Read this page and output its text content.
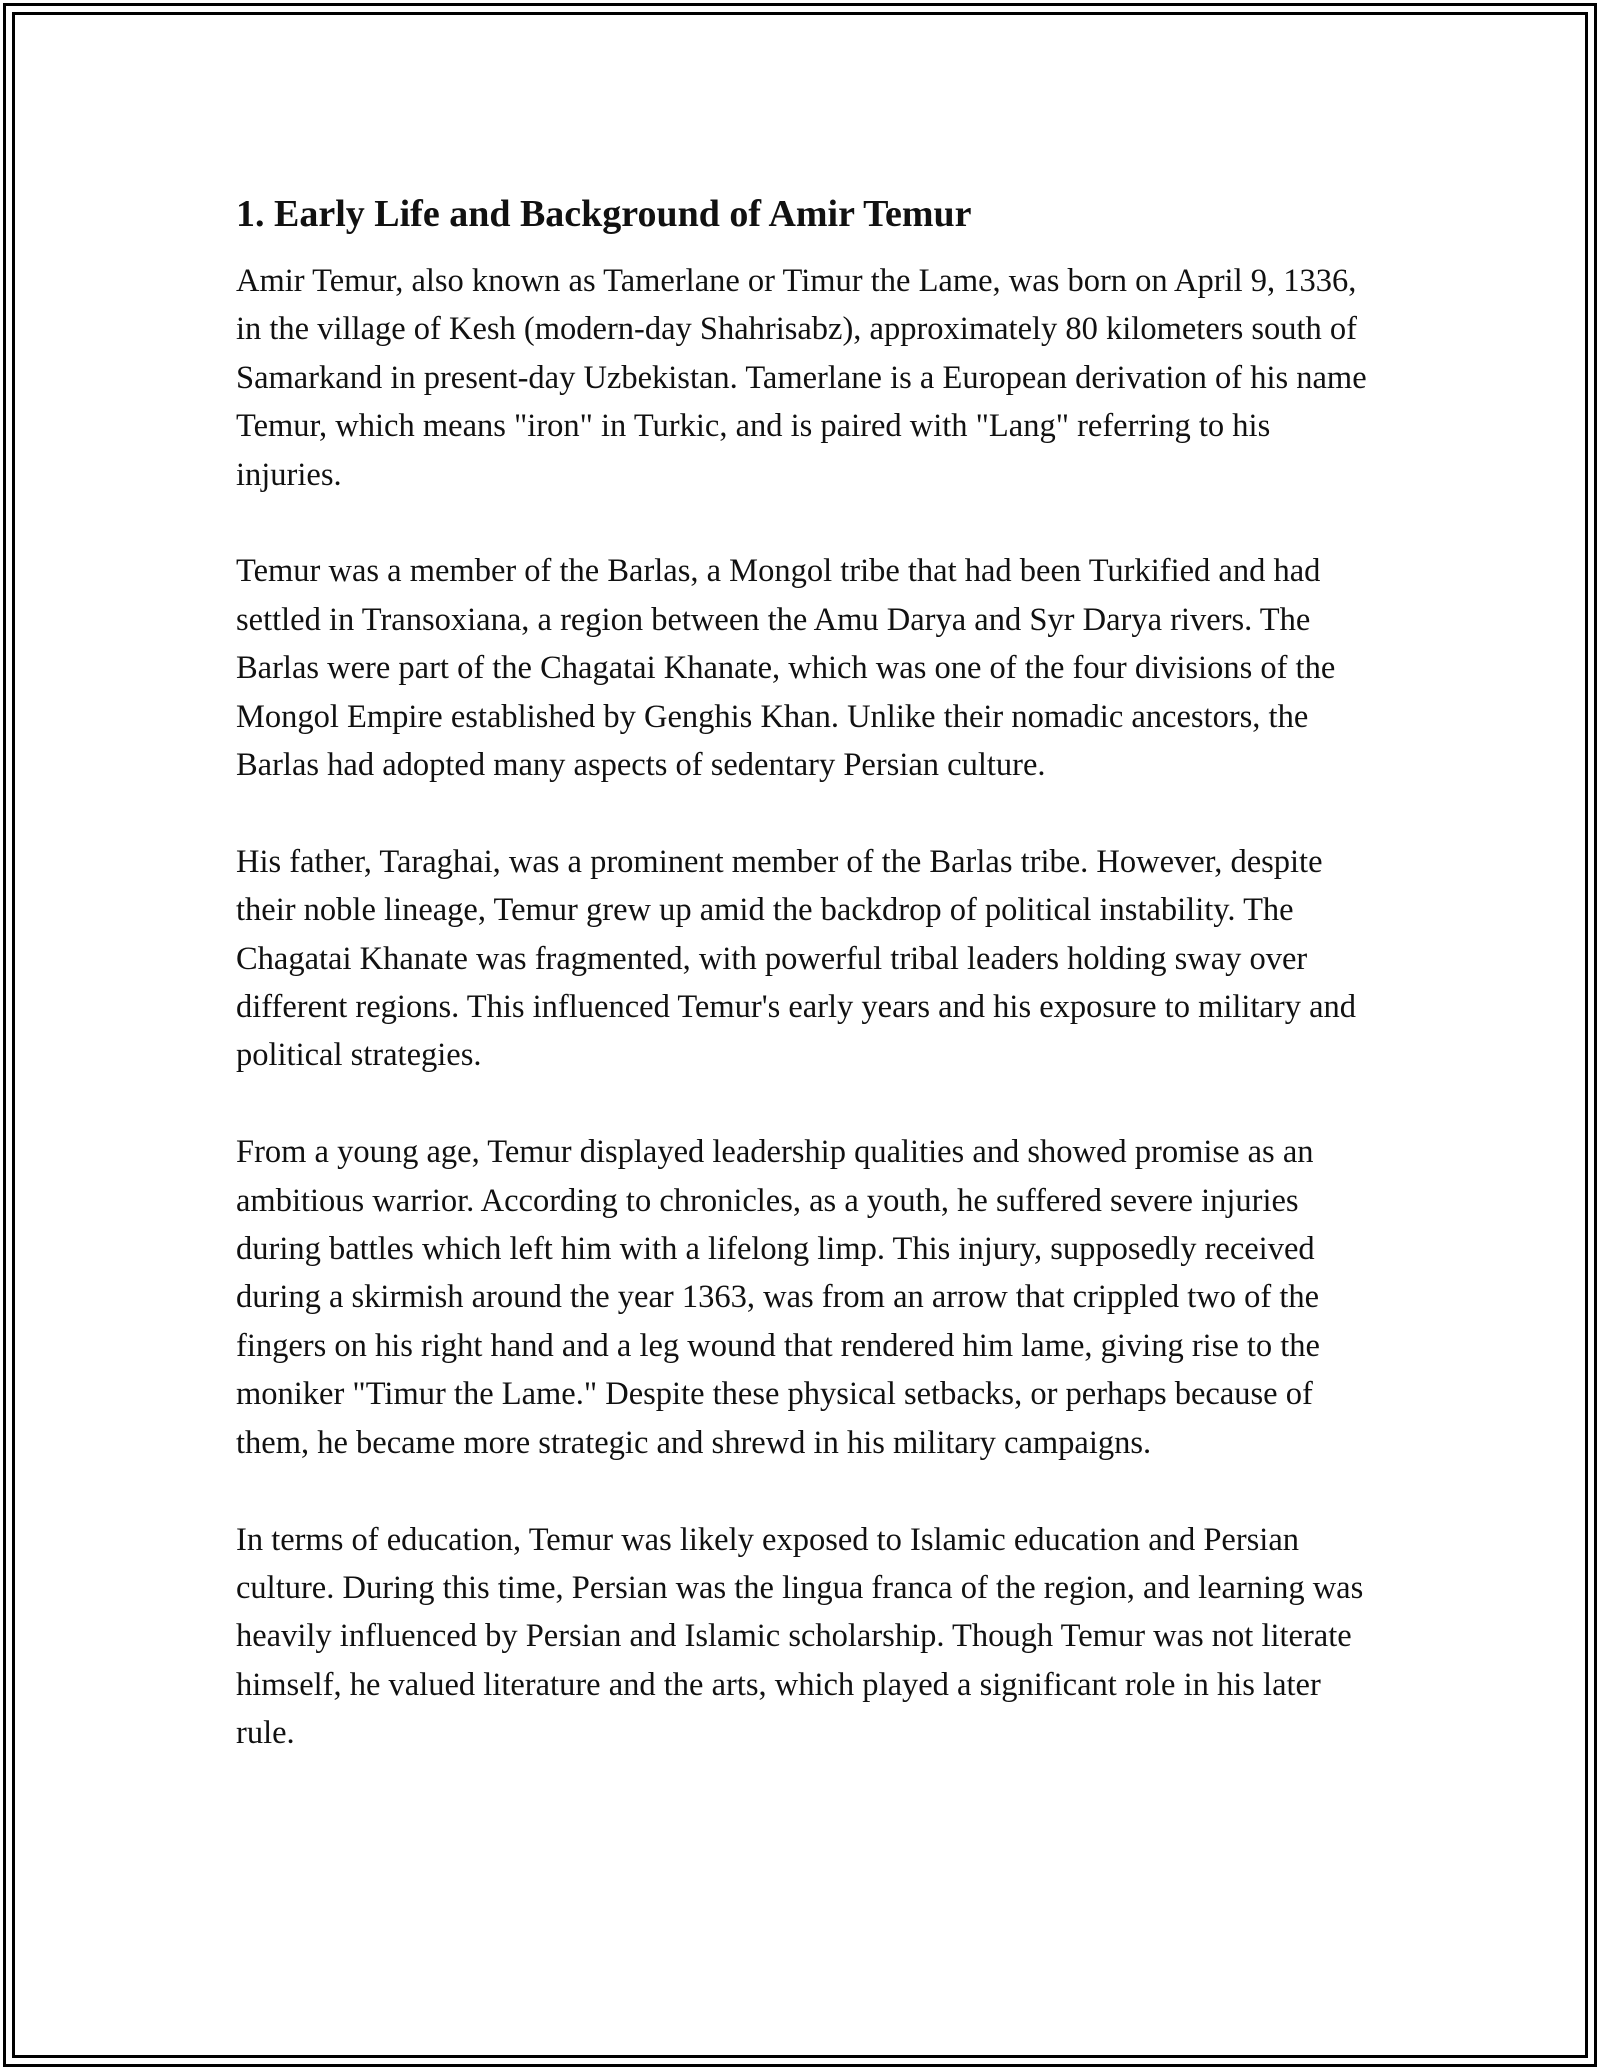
1. Early Life and Background of Amir Temur

Amir Temur, also known as Tamerlane or Timur the Lame, was born on April 9, 1336, in the village of Kesh (modern-day Shahrisabz), approximately 80 kilometers south of Samarkand in present-day Uzbekistan. Tamerlane is a European derivation of his name Temur, which means "iron" in Turkic, and is paired with "Lang" referring to his injuries.

Temur was a member of the Barlas, a Mongol tribe that had been Turkified and had settled in Transoxiana, a region between the Amu Darya and Syr Darya rivers. The Barlas were part of the Chagatai Khanate, which was one of the four divisions of the Mongol Empire established by Genghis Khan. Unlike their nomadic ancestors, the Barlas had adopted many aspects of sedentary Persian culture.

His father, Taraghai, was a prominent member of the Barlas tribe. However, despite their noble lineage, Temur grew up amid the backdrop of political instability. The Chagatai Khanate was fragmented, with powerful tribal leaders holding sway over different regions. This influenced Temur's early years and his exposure to military and political strategies.

From a young age, Temur displayed leadership qualities and showed promise as an ambitious warrior. According to chronicles, as a youth, he suffered severe injuries during battles which left him with a lifelong limp. This injury, supposedly received during a skirmish around the year 1363, was from an arrow that crippled two of the fingers on his right hand and a leg wound that rendered him lame, giving rise to the moniker "Timur the Lame." Despite these physical setbacks, or perhaps because of them, he became more strategic and shrewd in his military campaigns.

In terms of education, Temur was likely exposed to Islamic education and Persian culture. During this time, Persian was the lingua franca of the region, and learning was heavily influenced by Persian and Islamic scholarship. Though Temur was not literate himself, he valued literature and the arts, which played a significant role in his later rule.
